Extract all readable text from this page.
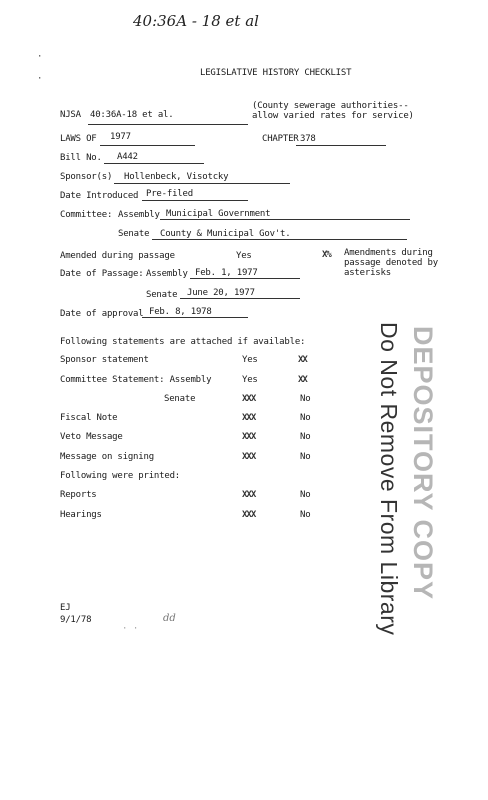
40:36A - 18 et al
·
·
LEGISLATIVE HISTORY CHECKLIST
NJSA 40:36A-18 et al.
(County sewerage authorities--
allow varied rates for service)
LAWS OF 1977	CHAPTER 378
Bill No. A442
Sponsor(s) Hollenbeck, Visotcky
Date Introduced Pre-filed
Committee: Assembly Municipal Government
Senate County & Municipal Gov't.
Amended during passage	Yes	X% Amendments during
passage denoted by
asterisks
Date of Passage: Assembly Feb. 1, 1977
Senate June 20, 1977
Date of approval Feb. 8, 1978
Following statements are attached if available:
Sponsor statement	Yes	XX
Committee Statement: Assembly	Yes	XX
Senate	XXX	No
Fiscal Note	XXX	No
Veto Message	XXX	No
Message on signing	XXX	No
Following were printed:
Reports	XXX	No
Hearings	XXX	No	Do Not Remove From Library DEPOSITORY COPY
EJ
9/1/78	dd
· ·
